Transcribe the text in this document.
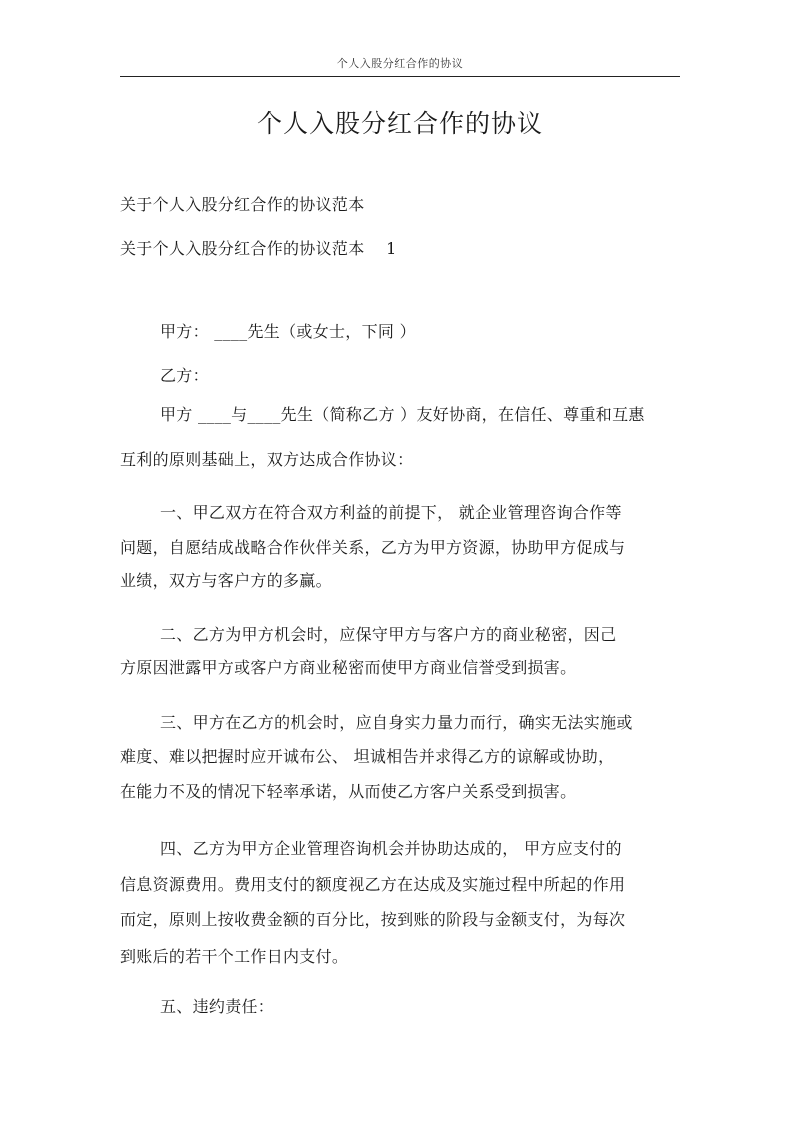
个人入股分红合作的协议
个人入股分红合作的协议
关于个人入股分红合作的协议范本
关于个人入股分红合作的协议范本　 1
甲方： ____先生（或女士，下同 ）
乙方：
甲方 ____与____先生（简称乙方 ）友好协商，在信任、尊重和互惠
互利的原则基础上，双方达成合作协议：
一、甲乙双方在符合双方利益的前提下， 就企业管理咨询合作等
问题，自愿结成战略合作伙伴关系，乙方为甲方资源，协助甲方促成与
业绩，双方与客户方的多赢。
二、乙方为甲方机会时，应保守甲方与客户方的商业秘密，因己
方原因泄露甲方或客户方商业秘密而使甲方商业信誉受到损害。
三、甲方在乙方的机会时，应自身实力量力而行，确实无法实施或
难度、难以把握时应开诚布公、 坦诚相告并求得乙方的谅解或协助，
在能力不及的情况下轻率承诺，从而使乙方客户关系受到损害。
四、乙方为甲方企业管理咨询机会并协助达成的， 甲方应支付的
信息资源费用。费用支付的额度视乙方在达成及实施过程中所起的作用
而定，原则上按收费金额的百分比，按到账的阶段与金额支付，为每次
到账后的若干个工作日内支付。
五、违约责任：
